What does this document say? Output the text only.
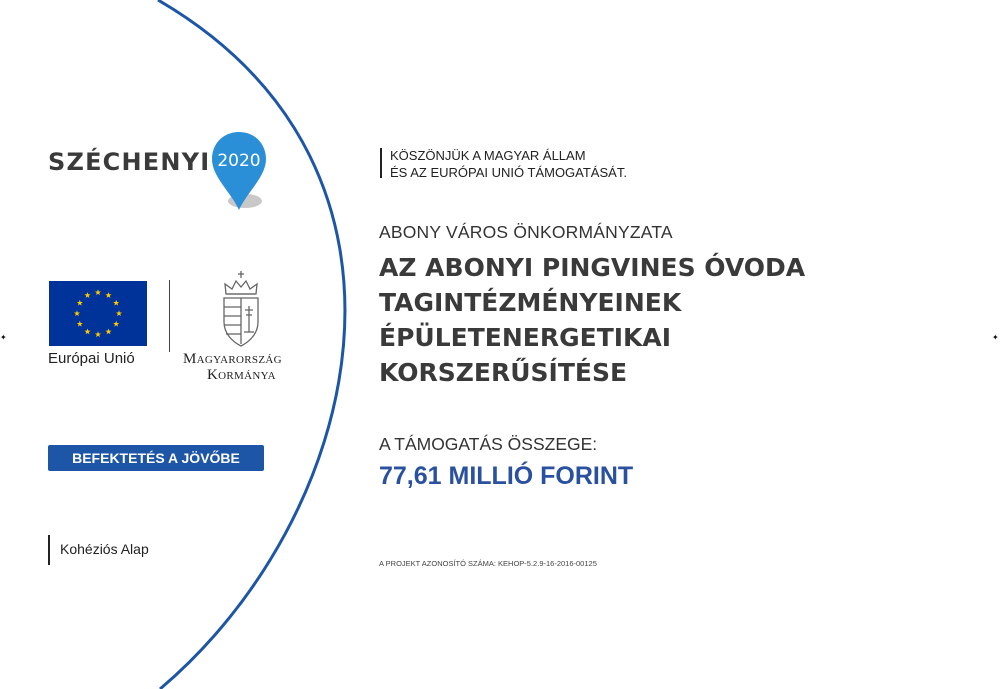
SZÉCHENYI 2020
Európai Unió	Magyarország
Kormánya
BEFEKTETÉS A JÖVŐBE
Kohéziós Alap
KÖSZÖNJÜK A MAGYAR ÁLLAM
ÉS AZ EURÓPAI UNIÓ TÁMOGATÁSÁT.
ABONY VÁROS ÖNKORMÁNYZATA
AZ ABONYI PINGVINES ÓVODA
TAGINTÉZMÉNYEINEK
ÉPÜLETENERGETIKAI
KORSZERŰSÍTÉSE
A TÁMOGATÁS ÖSSZEGE:
77,61 MILLIÓ FORINT
A PROJEKT AZONOSÍTÓ SZÁMA: KEHOP-5.2.9-16-2016-00125
✦	✦
